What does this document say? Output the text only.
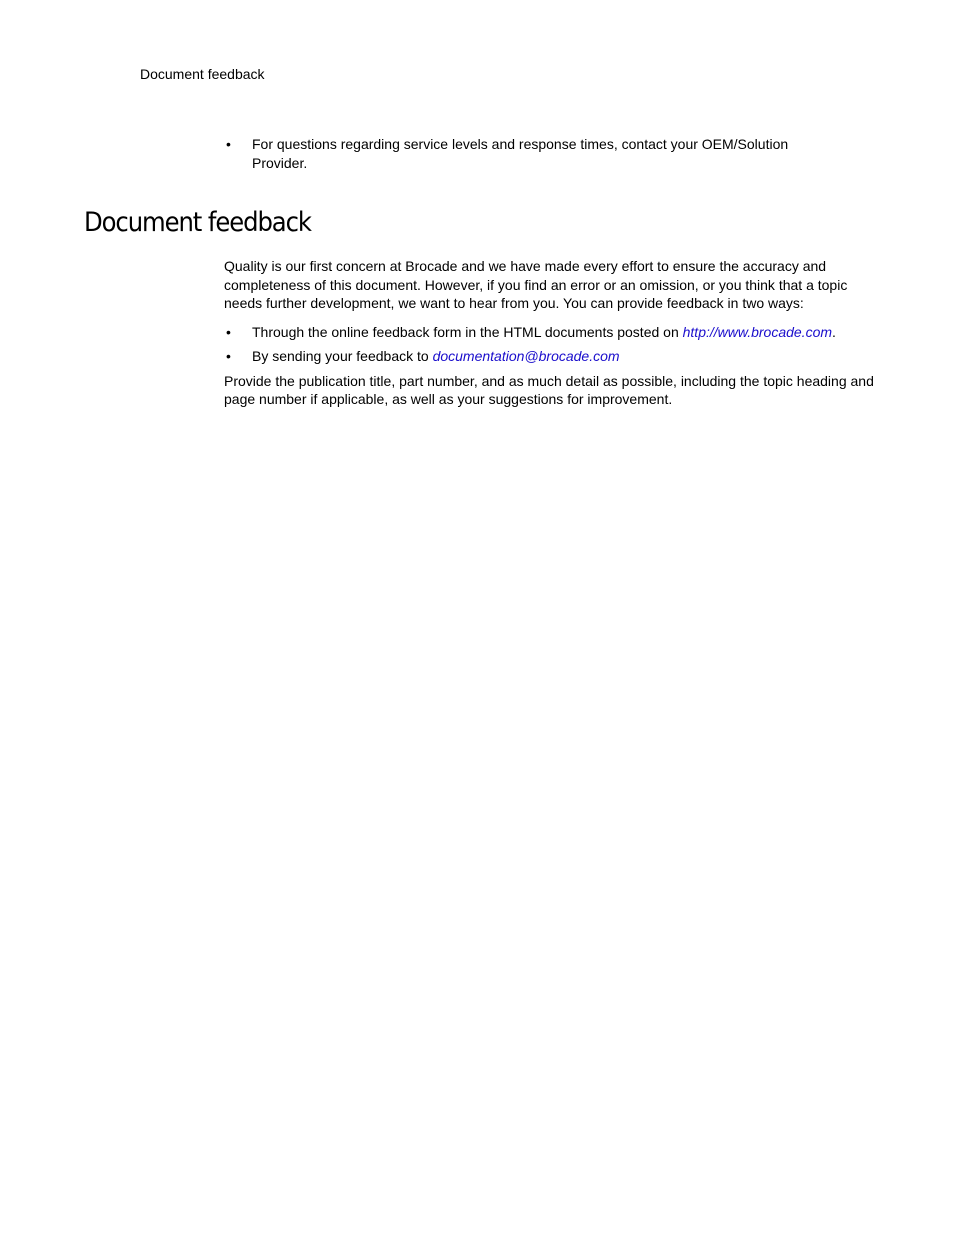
Document feedback
• For questions regarding service levels and response times, contact your OEM/Solution Provider.
Document feedback

Quality is our first concern at Brocade and we have made every effort to ensure the accuracy and completeness of this document. However, if you find an error or an omission, or you think that a topic needs further development, we want to hear from you. You can provide feedback in two ways:

• Through the online feedback form in the HTML documents posted on http://www.brocade.com.
• By sending your feedback to documentation@brocade.com

Provide the publication title, part number, and as much detail as possible, including the topic heading and page number if applicable, as well as your suggestions for improvement.
